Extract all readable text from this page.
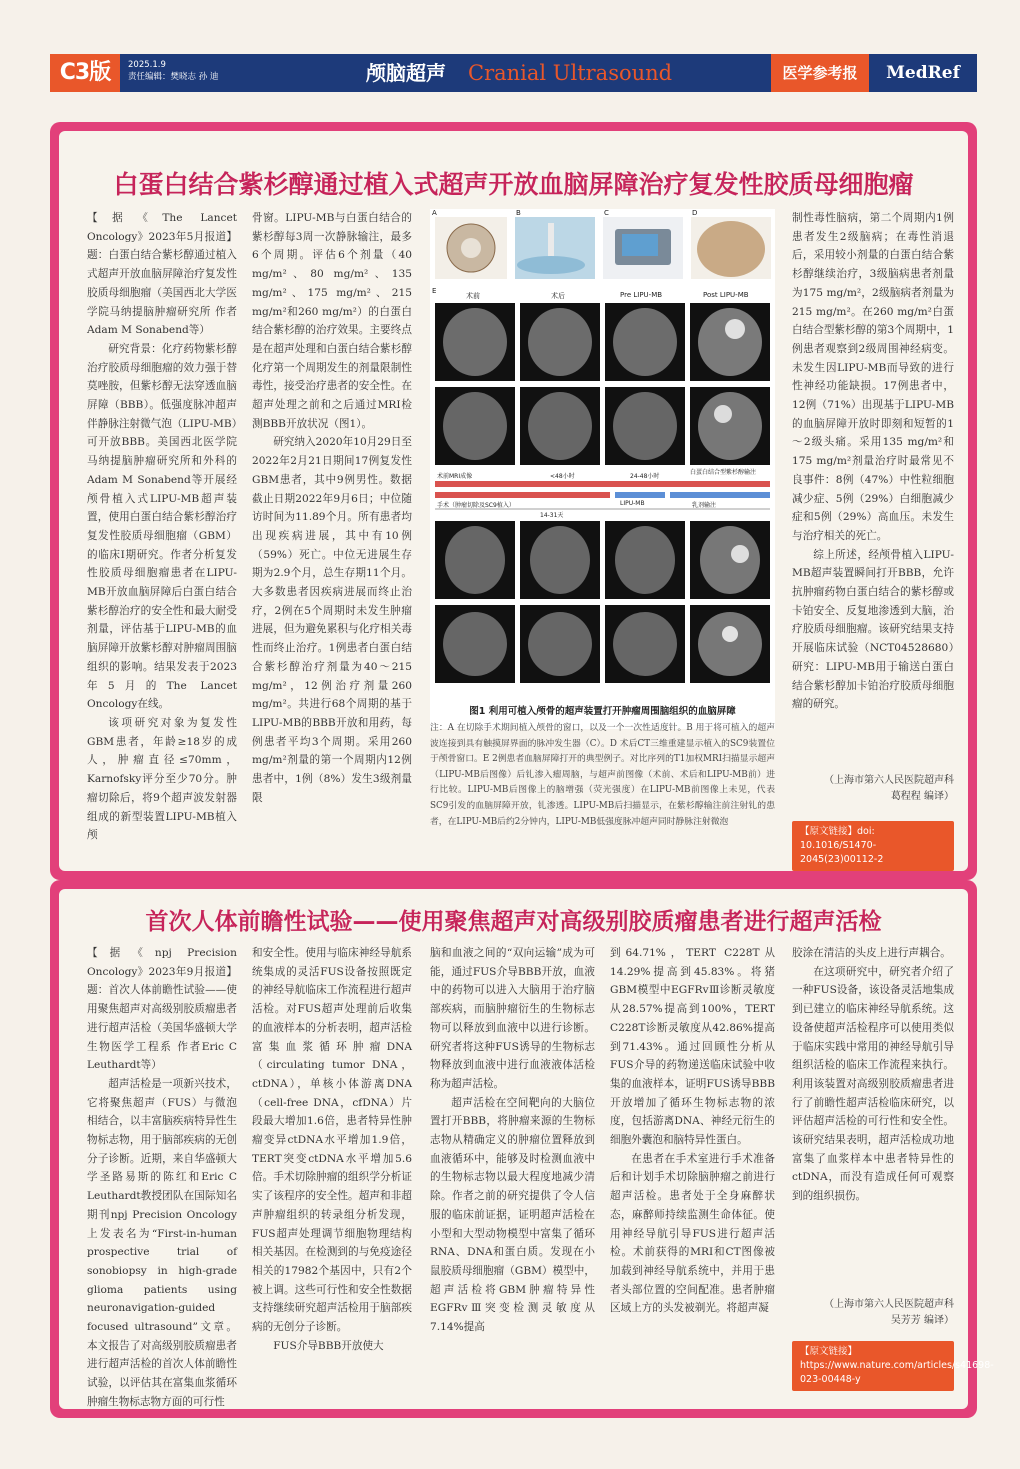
C3版	2025.1.9
责任编辑：樊晓志 孙 迪	颅脑超声 Cranial Ultrasound	医学参考报	MedRef
白蛋白结合紫杉醇通过植入式超声开放血脑屏障治疗复发性胶质母细胞瘤

【据《The Lancet Oncology》2023年5月报道】题：白蛋白结合紫杉醇通过植入式超声开放血脑屏障治疗复发性胶质母细胞瘤（美国西北大学医学院马纳提脑肿瘤研究所 作者Adam M Sonabend等）

研究背景：化疗药物紫杉醇治疗胶质母细胞瘤的效力强于替莫唑胺，但紫杉醇无法穿透血脑屏障（BBB）。低强度脉冲超声伴静脉注射微气泡（LIPU-MB）可开放BBB。美国西北医学院马纳提脑肿瘤研究所和外科的Adam M Sonabend等开展经颅骨植入式LIPU-MB超声装置，使用白蛋白结合紫杉醇治疗复发性胶质母细胞瘤（GBM）的临床Ⅰ期研究。作者分析复发性胶质母细胞瘤患者在LIPU-MB开放血脑屏障后白蛋白结合紫杉醇治疗的安全性和最大耐受剂量，评估基于LIPU-MB的血脑屏障开放紫杉醇对肿瘤周围脑组织的影响。结果发表于2023年5月的The Lancet Oncology在线。

该项研究对象为复发性GBM患者，年龄≥18岁的成人，肿瘤直径≤70mm，Karnofsky评分至少70分。肿瘤切除后，将9个超声波发射器组成的新型装置LIPU-MB植入颅

骨窗。LIPU-MB与白蛋白结合的紫杉醇每3周一次静脉输注，最多6个周期。评估6个剂量（40 mg/m²、80 mg/m²、135 mg/m²、175 mg/m²、215 mg/m²和260 mg/m²）的白蛋白结合紫杉醇的治疗效果。主要终点是在超声处理和白蛋白结合紫杉醇化疗第一个周期发生的剂量限制性毒性，接受治疗患者的安全性。在超声处理之前和之后通过MRI检测BBB开放状况（图1）。

研究纳入2020年10月29日至2022年2月21日期间17例复发性GBM患者，其中9例男性。数据截止日期2022年9月6日；中位随访时间为11.89个月。所有患者均出现疾病进展，其中有10例（59%）死亡。中位无进展生存期为2.9个月，总生存期11个月。大多数患者因疾病进展而终止治疗，2例在5个周期时未发生肿瘤进展，但为避免累积与化疗相关毒性而终止治疗。1例患者白蛋白结合紫杉醇治疗剂量为40～215 mg/m²，12例治疗剂量260 mg/m²。共进行68个周期的基于LIPU-MB的BBB开放和用药，每例患者平均3个周期。采用260 mg/m²剂量的第一个周期内12例患者中，1例（8%）发生3级剂量限

A	B	C	D
E
术前	术后	Pre LIPU-MB	Post LIPU-MB
术前MRI成像
手术（肿瘤切除及SC9植入）
14-31天
<48小时	24-48小时
白蛋白结合型紫杉醇输注
乳剂输注
LIPU-MB
图1 利用可植入颅骨的超声装置打开肿瘤周围脑组织的血脑屏障
注：A 在切除手术期间植入颅骨的窗口，以及一个一次性适度针。B 用于将可植入的超声波连接到具有触摸屏界面的脉冲发生器（C）。D 术后CT三维重建显示植入的SC9装置位于颅骨窗口。E 2例患者血脑屏障打开的典型例子。对比序列的T1加权MRI扫描显示超声（LIPU-MB后图像）后钆渗入瘤周脑，与超声前图像（术前、术后和LIPU-MB前）进行比较。LIPU-MB后图像上的脑增强（荧光强度）在LIPU-MB前图像上未见，代表SC9引发的血脑屏障开放，钆渗透。LIPU-MB后扫描显示，在紫杉醇输注前注射钆的患者，在LIPU-MB后约2分钟内，LIPU-MB低强度脉冲超声同时静脉注射微泡

制性毒性脑病，第二个周期内1例患者发生2级脑病；在毒性消退后，采用较小剂量的白蛋白结合紫杉醇继续治疗，3级脑病患者剂量为175 mg/m²，2级脑病者剂量为215 mg/m²。在260 mg/m²白蛋白结合型紫杉醇的第3个周期中，1例患者观察到2级周围神经病变。未发生因LIPU-MB而导致的进行性神经功能缺损。17例患者中，12例（71%）出现基于LIPU-MB的血脑屏障开放时即刻和短暂的1～2级头痛。采用135 mg/m²和175 mg/m²剂量治疗时最常见不良事件：8例（47%）中性粒细胞减少症、5例（29%）白细胞减少症和5例（29%）高血压。未发生与治疗相关的死亡。

综上所述，经颅骨植入LIPU-MB超声装置瞬间打开BBB，允许抗肿瘤药物白蛋白结合的紫杉醇或卡铂安全、反复地渗透到大脑，治疗胶质母细胞瘤。该研究结果支持开展临床试验（NCT04528680）研究：LIPU-MB用于输送白蛋白结合紫杉醇加卡铂治疗胶质母细胞瘤的研究。

（上海市第六人民医院超声科
葛程程 编译）
【原文链接】doi: 10.1016/S1470-2045(23)00112-2
首次人体前瞻性试验——使用聚焦超声对高级别胶质瘤患者进行超声活检

【据《npj Precision Oncology》2023年9月报道】题：首次人体前瞻性试验——使用聚焦超声对高级别胶质瘤患者进行超声活检（美国华盛顿大学生物医学工程系 作者Eric C Leuthardt等）

超声活检是一项新兴技术，它将聚焦超声（FUS）与微泡相结合，以丰富脑疾病特异性生物标志物，用于脑部疾病的无创分子诊断。近期，来自华盛顿大学圣路易斯的陈红和Eric C Leuthardt教授团队在国际知名期刊npj Precision Oncology上发表名为“First-in-human prospective trial of sonobiopsy in high-grade glioma patients using neuronavigation-guided focused ultrasound”文章。本文报告了对高级别胶质瘤患者进行超声活检的首次人体前瞻性试验，以评估其在富集血浆循环肿瘤生物标志物方面的可行性

和安全性。使用与临床神经导航系统集成的灵活FUS设备按照既定的神经导航临床工作流程进行超声活检。对FUS超声处理前后收集的血液样本的分析表明，超声活检富集血浆循环肿瘤DNA（circulating tumor DNA，ctDNA），单核小体游离DNA（cell-free DNA，cfDNA）片段最大增加1.6倍，患者特异性肿瘤变异ctDNA水平增加1.9倍，TERT突变ctDNA水平增加5.6倍。手术切除肿瘤的组织学分析证实了该程序的安全性。超声和非超声肿瘤组织的转录组分析发现，FUS超声处理调节细胞物理结构相关基因。在检测到的与免疫途径相关的17982个基因中，只有2个被上调。这些可行性和安全性数据支持继续研究超声活检用于脑部疾病的无创分子诊断。

FUS介导BBB开放使大

脑和血液之间的“双向运输”成为可能，通过FUS介导BBB开放，血液中的药物可以进入大脑用于治疗脑部疾病，而脑肿瘤衍生的生物标志物可以释放到血液中以进行诊断。研究者将这种FUS诱导的生物标志物释放到血液中进行血液液体活检称为超声活检。

超声活检在空间靶向的大脑位置打开BBB，将肿瘤来源的生物标志物从精确定义的肿瘤位置释放到血液循环中，能够及时检测血液中的生物标志物以最大程度地减少清除。作者之前的研究提供了令人信服的临床前证据，证明超声活检在小型和大型动物模型中富集了循环RNA、DNA和蛋白质。发现在小鼠胶质母细胞瘤（GBM）模型中，超声活检将GBM肿瘤特异性EGFRvⅢ突变检测灵敏度从7.14%提高

到64.71%，TERT C228T从14.29%提高到45.83%。将猪GBM模型中EGFRvⅢ诊断灵敏度从28.57%提高到100%，TERT C228T诊断灵敏度从42.86%提高到71.43%。通过回顾性分析从FUS介导的药物递送临床试验中收集的血液样本，证明FUS诱导BBB开放增加了循环生物标志物的浓度，包括游离DNA、神经元衍生的细胞外囊泡和脑特异性蛋白。

在患者在手术室进行手术准备后和计划手术切除脑肿瘤之前进行超声活检。患者处于全身麻醉状态，麻醉师持续监测生命体征。使用神经导航引导FUS进行超声活检。术前获得的MRI和CT图像被加载到神经导航系统中，并用于患者头部位置的空间配准。患者肿瘤区域上方的头发被剃光。将超声凝

胶涂在清洁的头皮上进行声耦合。

在这项研究中，研究者介绍了一种FUS设备，该设备灵活地集成到已建立的临床神经导航系统。这设备使超声活检程序可以使用类似于临床实践中常用的神经导航引导组织活检的临床工作流程来执行。利用该装置对高级别胶质瘤患者进行了前瞻性超声活检临床研究，以评估超声活检的可行性和安全性。该研究结果表明，超声活检成功地富集了血浆样本中患者特异性的ctDNA，而没有造成任何可观察到的组织损伤。

（上海市第六人民医院超声科
吴芳芳 编译）
【原文链接】https://www.nature.com/articles/s41698-023-00448-y
